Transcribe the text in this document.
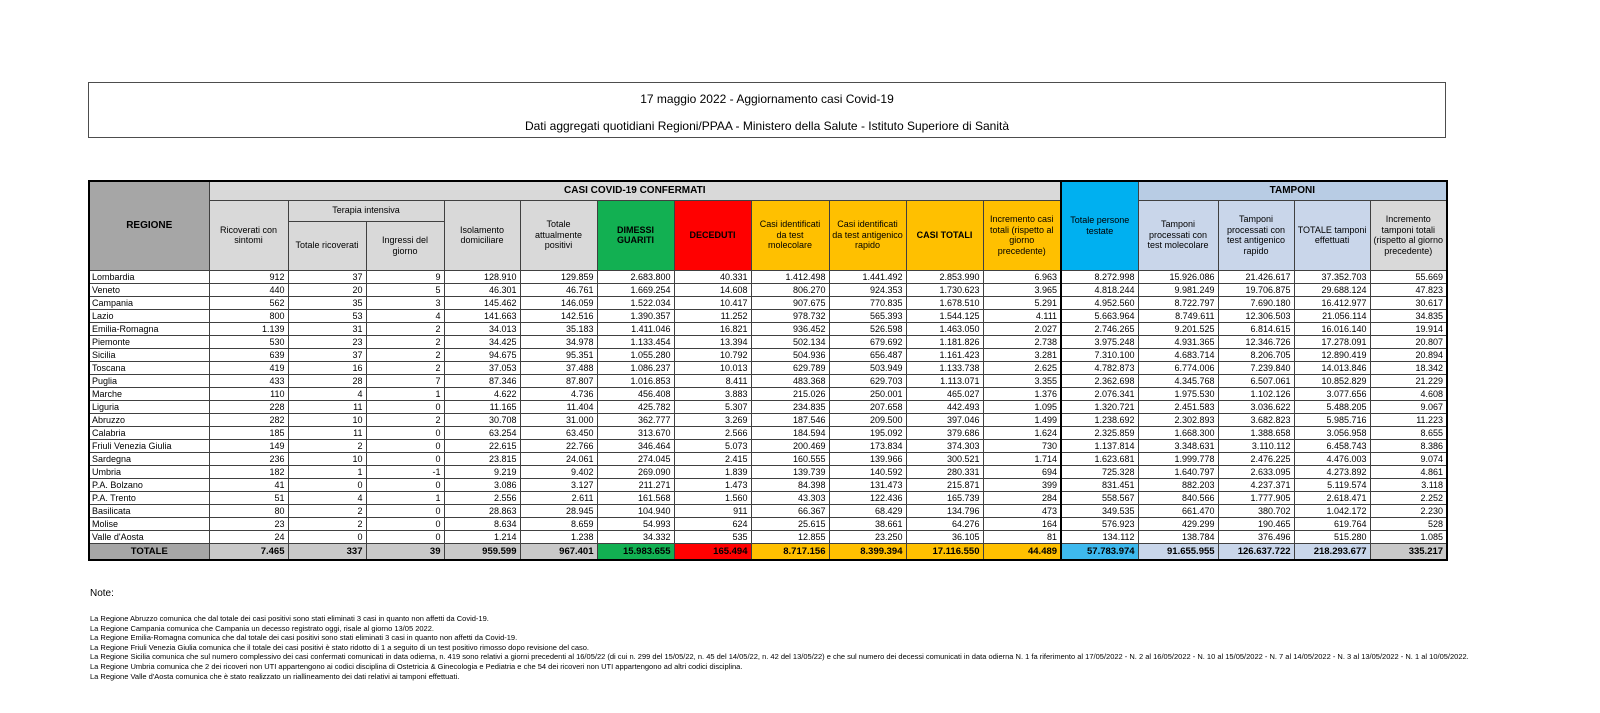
17 maggio 2022 - Aggiornamento casi Covid-19
Dati aggregati quotidiani Regioni/PPAA - Ministero della Salute - Istituto Superiore di Sanità
REGIONE	CASI COVID-19 CONFERMATI											Totale persone testate	TAMPONI			
	Ricoverati con sintomi	Terapia intensiva		Isolamento domiciliare	Totale attualmente positivi	DIMESSI GUARITI	DECEDUTI	Casi identificati da test molecolare	Casi identificati da test antigenico rapido	CASI TOTALI	Incremento casi totali (rispetto al giorno precedente)		Tamponi processati con test molecolare	Tamponi processati con test antigenico rapido	TOTALE tamponi effettuati	Incremento tamponi totali (rispetto al giorno precedente)
		Totale ricoverati	Ingressi del giorno													
Lombardia	912	37	9	128.910	129.859	2.683.800	40.331	1.412.498	1.441.492	2.853.990	6.963	8.272.998	15.926.086	21.426.617	37.352.703	55.669
Veneto	440	20	5	46.301	46.761	1.669.254	14.608	806.270	924.353	1.730.623	3.965	4.818.244	9.981.249	19.706.875	29.688.124	47.823
Campania	562	35	3	145.462	146.059	1.522.034	10.417	907.675	770.835	1.678.510	5.291	4.952.560	8.722.797	7.690.180	16.412.977	30.617
Lazio	800	53	4	141.663	142.516	1.390.357	11.252	978.732	565.393	1.544.125	4.111	5.663.964	8.749.611	12.306.503	21.056.114	34.835
Emilia-Romagna	1.139	31	2	34.013	35.183	1.411.046	16.821	936.452	526.598	1.463.050	2.027	2.746.265	9.201.525	6.814.615	16.016.140	19.914
Piemonte	530	23	2	34.425	34.978	1.133.454	13.394	502.134	679.692	1.181.826	2.738	3.975.248	4.931.365	12.346.726	17.278.091	20.807
Sicilia	639	37	2	94.675	95.351	1.055.280	10.792	504.936	656.487	1.161.423	3.281	7.310.100	4.683.714	8.206.705	12.890.419	20.894
Toscana	419	16	2	37.053	37.488	1.086.237	10.013	629.789	503.949	1.133.738	2.625	4.782.873	6.774.006	7.239.840	14.013.846	18.342
Puglia	433	28	7	87.346	87.807	1.016.853	8.411	483.368	629.703	1.113.071	3.355	2.362.698	4.345.768	6.507.061	10.852.829	21.229
Marche	110	4	1	4.622	4.736	456.408	3.883	215.026	250.001	465.027	1.376	2.076.341	1.975.530	1.102.126	3.077.656	4.608
Liguria	228	11	0	11.165	11.404	425.782	5.307	234.835	207.658	442.493	1.095	1.320.721	2.451.583	3.036.622	5.488.205	9.067
Abruzzo	282	10	2	30.708	31.000	362.777	3.269	187.546	209.500	397.046	1.499	1.238.692	2.302.893	3.682.823	5.985.716	11.223
Calabria	185	11	0	63.254	63.450	313.670	2.566	184.594	195.092	379.686	1.624	2.325.859	1.668.300	1.388.658	3.056.958	8.655
Friuli Venezia Giulia	149	2	0	22.615	22.766	346.464	5.073	200.469	173.834	374.303	730	1.137.814	3.348.631	3.110.112	6.458.743	8.386
Sardegna	236	10	0	23.815	24.061	274.045	2.415	160.555	139.966	300.521	1.714	1.623.681	1.999.778	2.476.225	4.476.003	9.074
Umbria	182	1	-1	9.219	9.402	269.090	1.839	139.739	140.592	280.331	694	725.328	1.640.797	2.633.095	4.273.892	4.861
P.A. Bolzano	41	0	0	3.086	3.127	211.271	1.473	84.398	131.473	215.871	399	831.451	882.203	4.237.371	5.119.574	3.118
P.A. Trento	51	4	1	2.556	2.611	161.568	1.560	43.303	122.436	165.739	284	558.567	840.566	1.777.905	2.618.471	2.252
Basilicata	80	2	0	28.863	28.945	104.940	911	66.367	68.429	134.796	473	349.535	661.470	380.702	1.042.172	2.230
Molise	23	2	0	8.634	8.659	54.993	624	25.615	38.661	64.276	164	576.923	429.299	190.465	619.764	528
Valle d'Aosta	24	0	0	1.214	1.238	34.332	535	12.855	23.250	36.105	81	134.112	138.784	376.496	515.280	1.085
TOTALE	7.465	337	39	959.599	967.401	15.983.655	165.494	8.717.156	8.399.394	17.116.550	44.489	57.783.974	91.655.955	126.637.722	218.293.677	335.217
Note:
La Regione Abruzzo comunica che dal totale dei casi positivi sono stati eliminati 3 casi in quanto non affetti da Covid-19.
La Regione Campania comunica che Campania un decesso registrato oggi, risale al giorno 13/05 2022.
La Regione Emilia-Romagna comunica che dal totale dei casi positivi sono stati eliminati 3 casi in quanto non affetti da Covid-19.
La Regione Friuli Venezia Giulia comunica che il totale dei casi positivi è stato ridotto di 1 a seguito di un test positivo rimosso dopo revisione del caso.
La Regione Sicilia comunica che sul numero complessivo dei casi confermati comunicati in data odierna, n. 419 sono relativi a giorni precedenti al 16/05/22 (di cui n. 299 del 15/05/22, n. 45 del 14/05/22, n. 42 del 13/05/22) e che sul numero dei decessi comunicati in data odierna N. 1 fa riferimento al 17/05/2022 - N. 2 al 16/05/2022 - N. 10 al 15/05/2022 - N. 7 al 14/05/2022 - N. 3 al 13/05/2022 - N. 1 al 10/05/2022.
La Regione Umbria comunica che 2 dei ricoveri non UTI appartengono ai codici disciplina di Ostetricia & Ginecologia e Pediatria e che 54 dei ricoveri non UTI appartengono ad altri codici disciplina.
La Regione Valle d'Aosta comunica che è stato realizzato un riallineamento dei dati relativi ai tamponi effettuati.
